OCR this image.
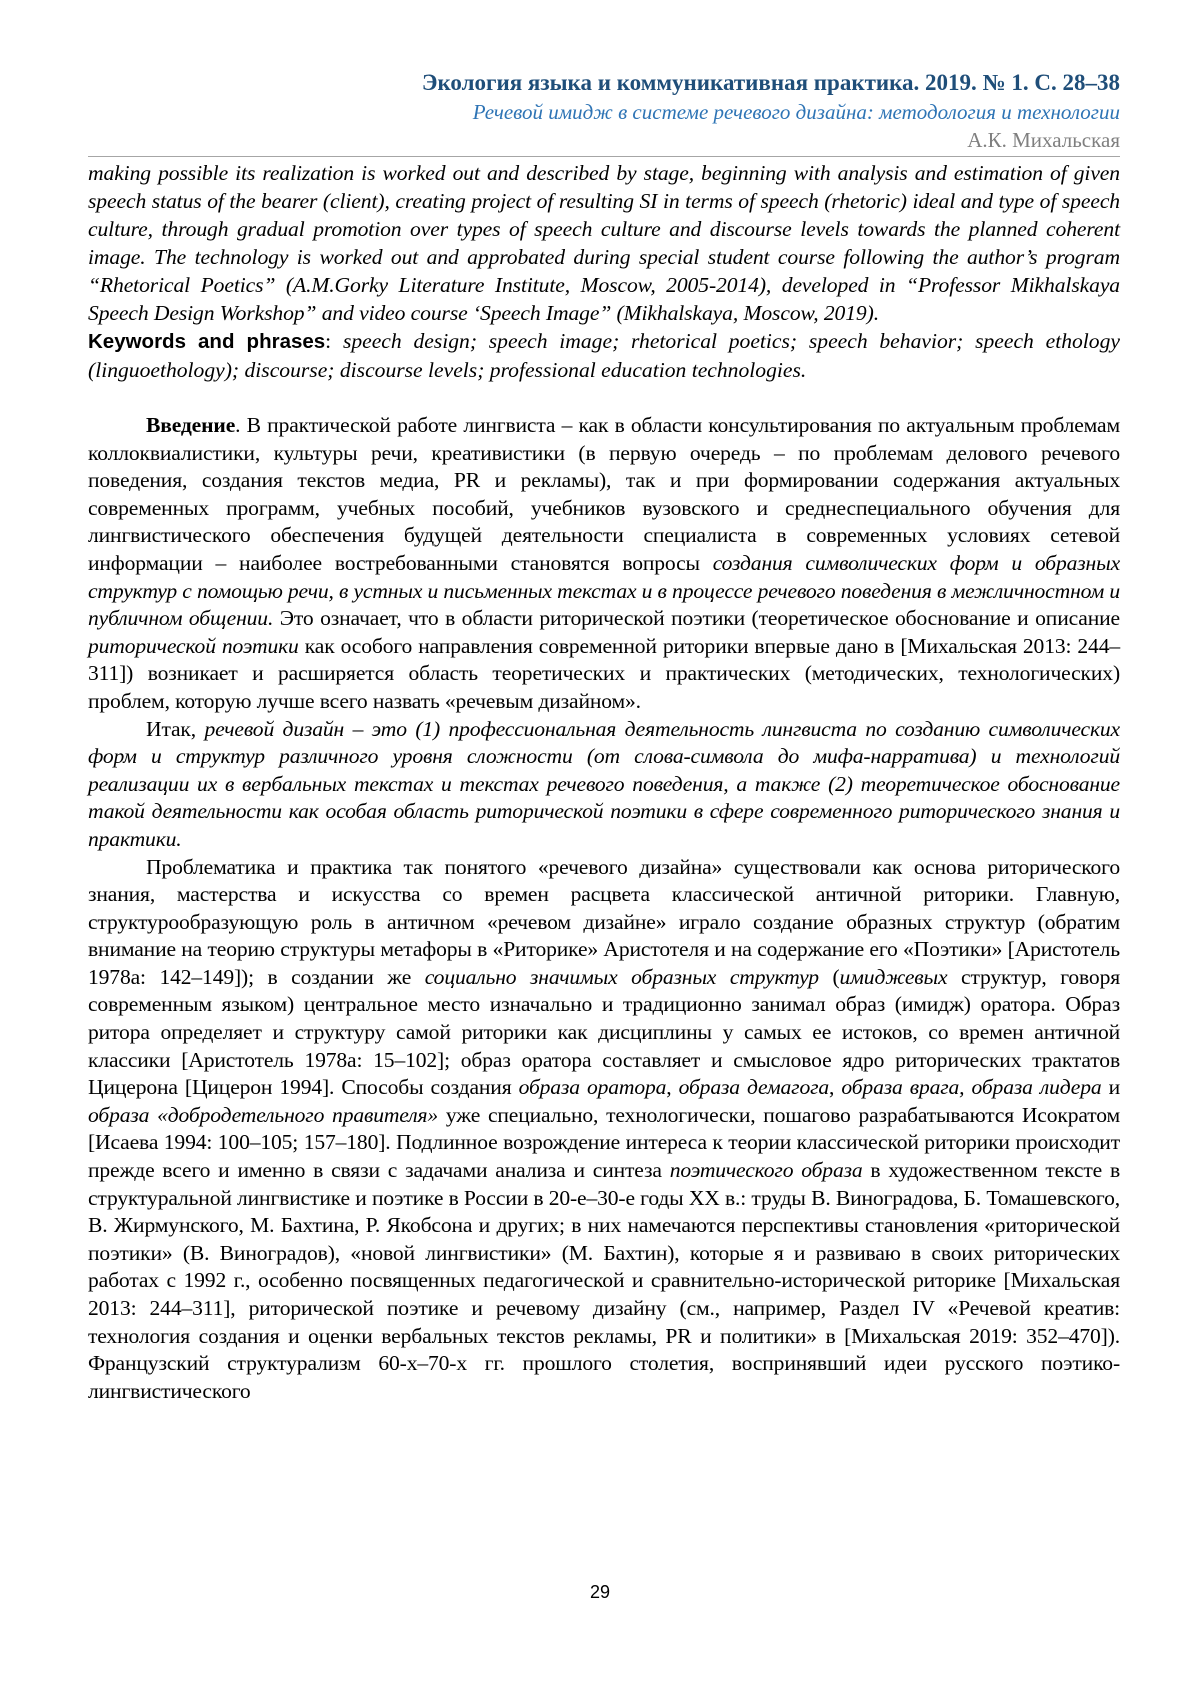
Экология языка и коммуникативная практика. 2019. № 1. С. 28–38
Речевой имидж в системе речевого дизайна: методология и технологии
А.К. Михальская

making possible its realization is worked out and described by stage, beginning with analysis and estimation of given speech status of the bearer (client), creating project of resulting SI in terms of speech (rhetoric) ideal and type of speech culture, through gradual promotion over types of speech culture and discourse levels towards the planned coherent image. The technology is worked out and approbated during special student course following the author’s program “Rhetorical Poetics” (A.M.Gorky Literature Institute, Moscow, 2005-2014), developed in “Professor Mikhalskaya Speech Design Workshop” and video course ‘Speech Image” (Mikhalskaya, Moscow, 2019).

Keywords and phrases: speech design; speech image; rhetorical poetics; speech behavior; speech ethology (linguoethology); discourse; discourse levels; professional education technologies.

Введение. В практической работе лингвиста – как в области консультирования по актуальным проблемам коллоквиалистики, культуры речи, креативистики (в первую очередь – по проблемам делового речевого поведения, создания текстов медиа, PR и рекламы), так и при формировании содержания актуальных современных программ, учебных пособий, учебников вузовского и среднеспециального обучения для лингвистического обеспечения будущей деятельности специалиста в современных условиях сетевой информации – наиболее востребованными становятся вопросы создания символических форм и образных структур с помощью речи, в устных и письменных текстах и в процессе речевого поведения в межличностном и публичном общении. Это означает, что в области риторической поэтики (теоретическое обоснование и описание риторической поэтики как особого направления современной риторики впервые дано в [Михальская 2013: 244–311]) возникает и расширяется область теоретических и практических (методических, технологических) проблем, которую лучше всего назвать «речевым дизайном».

Итак, речевой дизайн – это (1) профессиональная деятельность лингвиста по созданию символических форм и структур различного уровня сложности (от слова-символа до мифа-нарратива) и технологий реализации их в вербальных текстах и текстах речевого поведения, а также (2) теоретическое обоснование такой деятельности как особая область риторической поэтики в сфере современного риторического знания и практики.

Проблематика и практика так понятого «речевого дизайна» существовали как основа риторического знания, мастерства и искусства со времен расцвета классической античной риторики. Главную, структурообразующую роль в античном «речевом дизайне» играло создание образных структур (обратим внимание на теорию структуры метафоры в «Риторике» Аристотеля и на содержание его «Поэтики» [Аристотель 1978а: 142–149]); в создании же социально значимых образных структур (имиджевых структур, говоря современным языком) центральное место изначально и традиционно занимал образ (имидж) оратора. Образ ритора определяет и структуру самой риторики как дисциплины у самых ее истоков, со времен античной классики [Аристотель 1978а: 15–102]; образ оратора составляет и смысловое ядро риторических трактатов Цицерона [Цицерон 1994]. Способы создания образа оратора, образа демагога, образа врага, образа лидера и образа «добродетельного правителя» уже специально, технологически, пошагово разрабатываются Исократом [Исаева 1994: 100–105; 157–180]. Подлинное возрождение интереса к теории классической риторики происходит прежде всего и именно в связи с задачами анализа и синтеза поэтического образа в художественном тексте в структуральной лингвистике и поэтике в России в 20-е–30-е годы XX в.: труды В. Виноградова, Б. Томашевского, В. Жирмунского, М. Бахтина, Р. Якобсона и других; в них намечаются перспективы становления «риторической поэтики» (В. Виноградов), «новой лингвистики» (М. Бахтин), которые я и развиваю в своих риторических работах с 1992 г., особенно посвященных педагогической и сравнительно-исторической риторике [Михальская 2013: 244–311], риторической поэтике и речевому дизайну (см., например, Раздел IV «Речевой креатив: технология создания и оценки вербальных текстов рекламы, PR и политики» в [Михальская 2019: 352–470]). Французский структурализм 60-х–70-х гг. прошлого столетия, воспринявший идеи русского поэтико-лингвистического

29
